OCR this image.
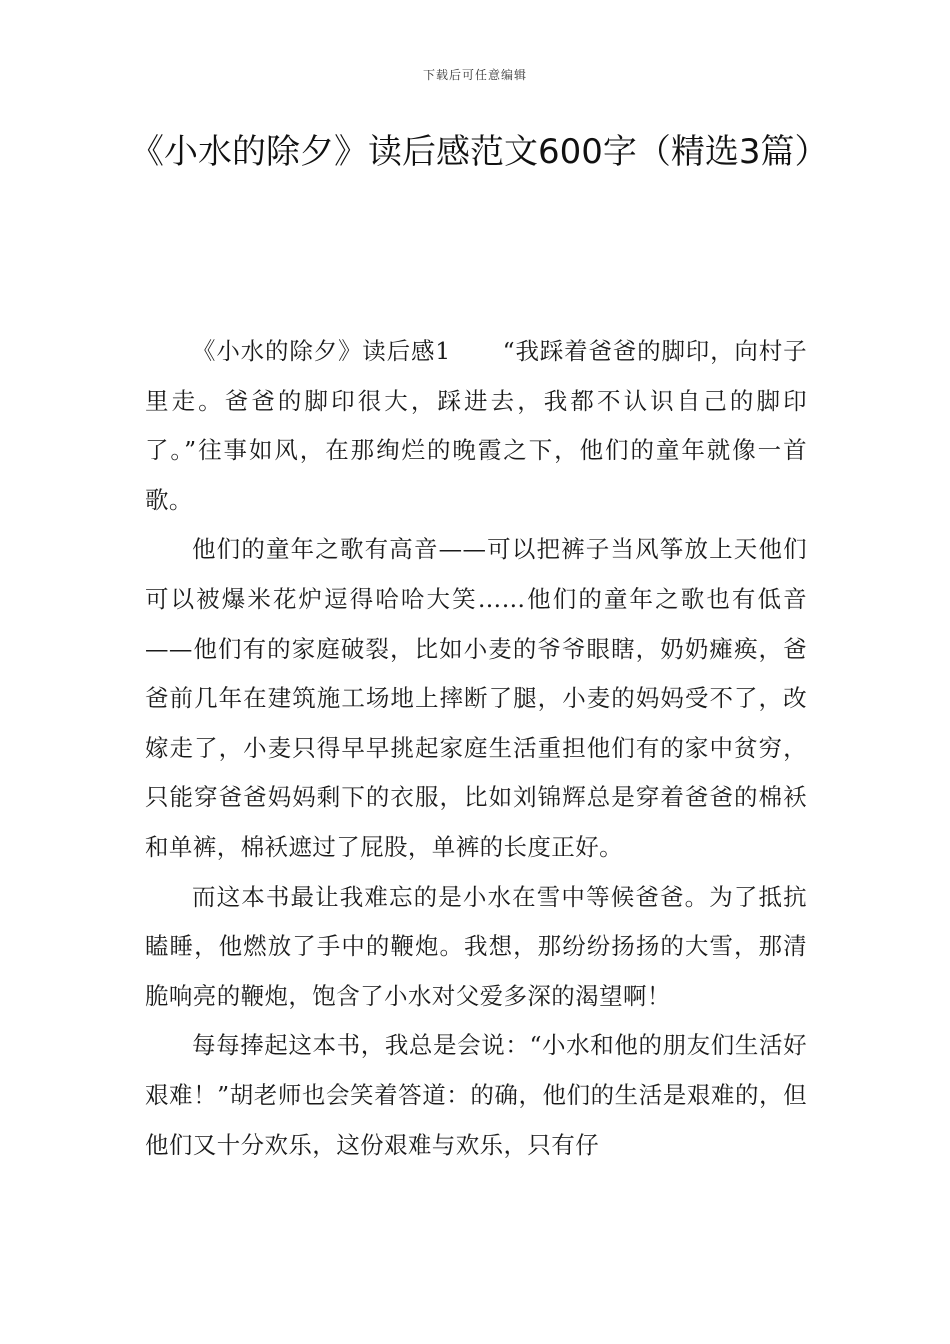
下载后可任意编辑
《小水的除夕》读后感范文600字（精选3篇）

《小水的除夕》读后感1 “我踩着爸爸的脚印，向村子里走。爸爸的脚印很大，踩进去，我都不认识自己的脚印了。”往事如风，在那绚烂的晚霞之下，他们的童年就像一首歌。

他们的童年之歌有高音——可以把裤子当风筝放上天他们可以被爆米花炉逗得哈哈大笑……他们的童年之歌也有低音——他们有的家庭破裂，比如小麦的爷爷眼瞎，奶奶瘫痪，爸爸前几年在建筑施工场地上摔断了腿，小麦的妈妈受不了，改嫁走了，小麦只得早早挑起家庭生活重担他们有的家中贫穷，只能穿爸爸妈妈剩下的衣服，比如刘锦辉总是穿着爸爸的棉袄和单裤，棉袄遮过了屁股，单裤的长度正好。

而这本书最让我难忘的是小水在雪中等候爸爸。为了抵抗瞌睡，他燃放了手中的鞭炮。我想，那纷纷扬扬的大雪，那清脆响亮的鞭炮，饱含了小水对父爱多深的渴望啊！

每每捧起这本书，我总是会说：“小水和他的朋友们生活好艰难！”胡老师也会笑着答道：的确，他们的生活是艰难的，但他们又十分欢乐，这份艰难与欢乐，只有仔
